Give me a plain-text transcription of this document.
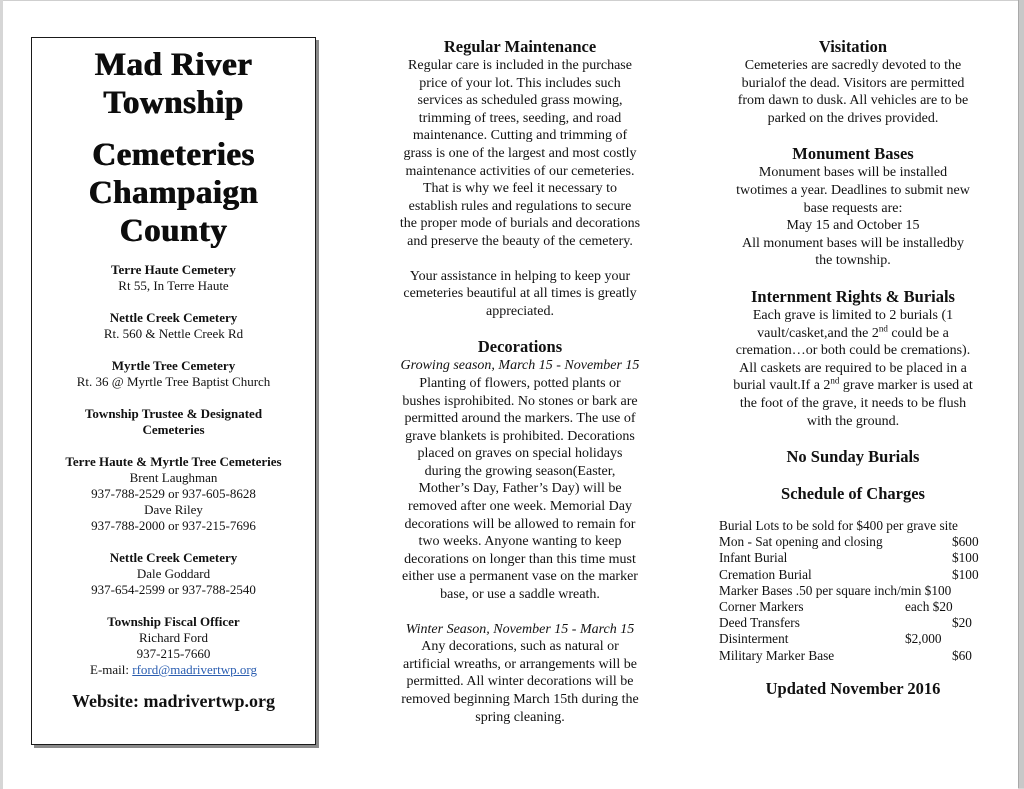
Mad River
Township
Cemeteries
Champaign
County
Terre Haute Cemetery
Rt 55, In Terre Haute
Nettle Creek Cemetery
Rt. 560 & Nettle Creek Rd
Myrtle Tree Cemetery
Rt. 36 @ Myrtle Tree Baptist Church
Township Trustee & Designated
Cemeteries
Terre Haute & Myrtle Tree Cemeteries
Brent Laughman
937-788-2529 or 937-605-8628
Dave Riley
937-788-2000 or 937-215-7696
Nettle Creek Cemetery
Dale Goddard
937-654-2599 or 937-788-2540
Township Fiscal Officer
Richard Ford
937-215-7660
E-mail: rford@madrivertwp.org
Website: madrivertwp.org
Regular Maintenance
Regular care is included in the purchase
price of your lot. This includes such
services as scheduled grass mowing,
trimming of trees, seeding, and road
maintenance. Cutting and trimming of
grass is one of the largest and most costly
maintenance activities of our cemeteries.
That is why we feel it necessary to
establish rules and regulations to secure
the proper mode of burials and decorations
and preserve the beauty of the cemetery.
Your assistance in helping to keep your
cemeteries beautiful at all times is greatly
appreciated.
Decorations
Growing season, March 15 - November 15
Planting of flowers, potted plants or
bushes isprohibited. No stones or bark are
permitted around the markers. The use of
grave blankets is prohibited. Decorations
placed on graves on special holidays
during the growing season(Easter,
Mother’s Day, Father’s Day) will be
removed after one week. Memorial Day
decorations will be allowed to remain for
two weeks. Anyone wanting to keep
decorations on longer than this time must
either use a permanent vase on the marker
base, or use a saddle wreath.
Winter Season, November 15 - March 15
Any decorations, such as natural or
artificial wreaths, or arrangements will be
permitted. All winter decorations will be
removed beginning March 15th during the
spring cleaning.
Visitation
Cemeteries are sacredly devoted to the
burialof the dead. Visitors are permitted
from dawn to dusk. All vehicles are to be
parked on the drives provided.
Monument Bases
Monument bases will be installed
twotimes a year. Deadlines to submit new
base requests are:
May 15 and October 15
All monument bases will be installedby
the township.
Internment Rights & Burials
Each grave is limited to 2 burials (1
vault/casket,and the 2nd could be a
cremation…or both could be cremations).
All caskets are required to be placed in a
burial vault.If a 2nd grave marker is used at
the foot of the grave, it needs to be flush
with the ground.
No Sunday Burials
Schedule of Charges
Burial Lots to be sold for $400 per grave site
Mon - Sat opening and closing	$600
Infant Burial	$100
Cremation Burial	$100
Marker Bases .50 per square inch/min $100
Corner Markers	each $20
Deed Transfers	$20
Disinterment	$2,000
Military Marker Base	$60
Updated November 2016
